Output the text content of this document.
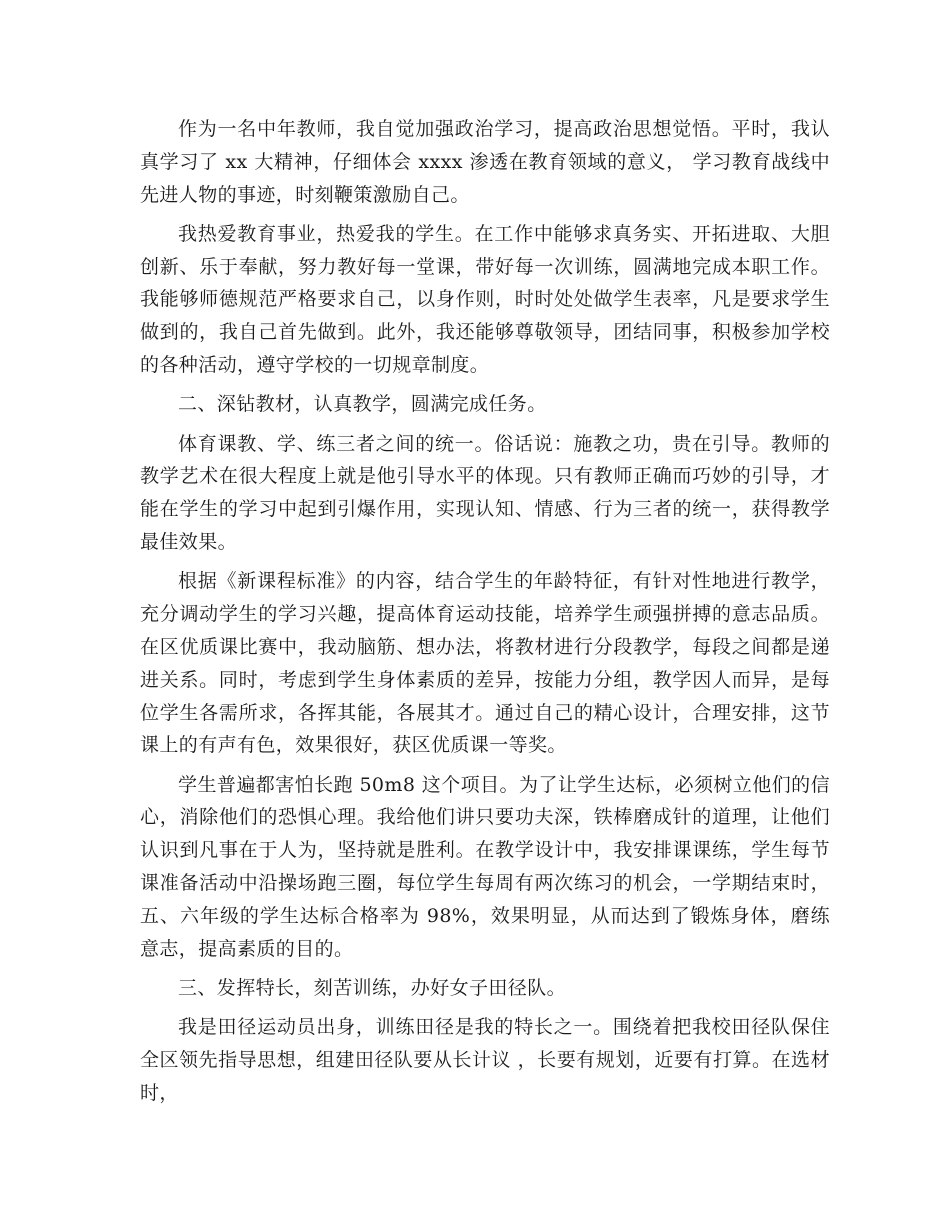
作为一名中年教师，我自觉加强政治学习，提高政治思想觉悟。平时，我认真学习了 xx 大精神，仔细体会 xxxx 渗透在教育领域的意义， 学习教育战线中先进人物的事迹，时刻鞭策激励自己。

我热爱教育事业，热爱我的学生。在工作中能够求真务实、开拓进取、大胆创新、乐于奉献，努力教好每一堂课，带好每一次训练，圆满地完成本职工作。我能够师德规范严格要求自己，以身作则，时时处处做学生表率，凡是要求学生做到的，我自己首先做到。此外，我还能够尊敬领导，团结同事，积极参加学校的各种活动，遵守学校的一切规章制度。

二、深钻教材，认真教学，圆满完成任务。

体育课教、学、练三者之间的统一。俗话说：施教之功，贵在引导。教师的教学艺术在很大程度上就是他引导水平的体现。只有教师正确而巧妙的引导，才能在学生的学习中起到引爆作用，实现认知、情感、行为三者的统一，获得教学最佳效果。

根据《新课程标准》的内容，结合学生的年龄特征，有针对性地进行教学，充分调动学生的学习兴趣，提高体育运动技能，培养学生顽强拼搏的意志品质。在区优质课比赛中，我动脑筋、想办法，将教材进行分段教学，每段之间都是递进关系。同时，考虑到学生身体素质的差异，按能力分组，教学因人而异，是每位学生各需所求，各挥其能，各展其才。通过自己的精心设计，合理安排，这节课上的有声有色，效果很好，获区优质课一等奖。

学生普遍都害怕长跑 50m8 这个项目。为了让学生达标，必须树立他们的信心，消除他们的恐惧心理。我给他们讲只要功夫深，铁棒磨成针的道理，让他们认识到凡事在于人为，坚持就是胜利。在教学设计中，我安排课课练，学生每节课准备活动中沿操场跑三圈，每位学生每周有两次练习的机会，一学期结束时，五、六年级的学生达标合格率为 98%，效果明显，从而达到了锻炼身体，磨练意志，提高素质的目的。

三、发挥特长，刻苦训练，办好女子田径队。

我是田径运动员出身，训练田径是我的特长之一。围绕着把我校田径队保住全区领先指导思想，组建田径队要从长计议 ，长要有规划，近要有打算。在选材时，
